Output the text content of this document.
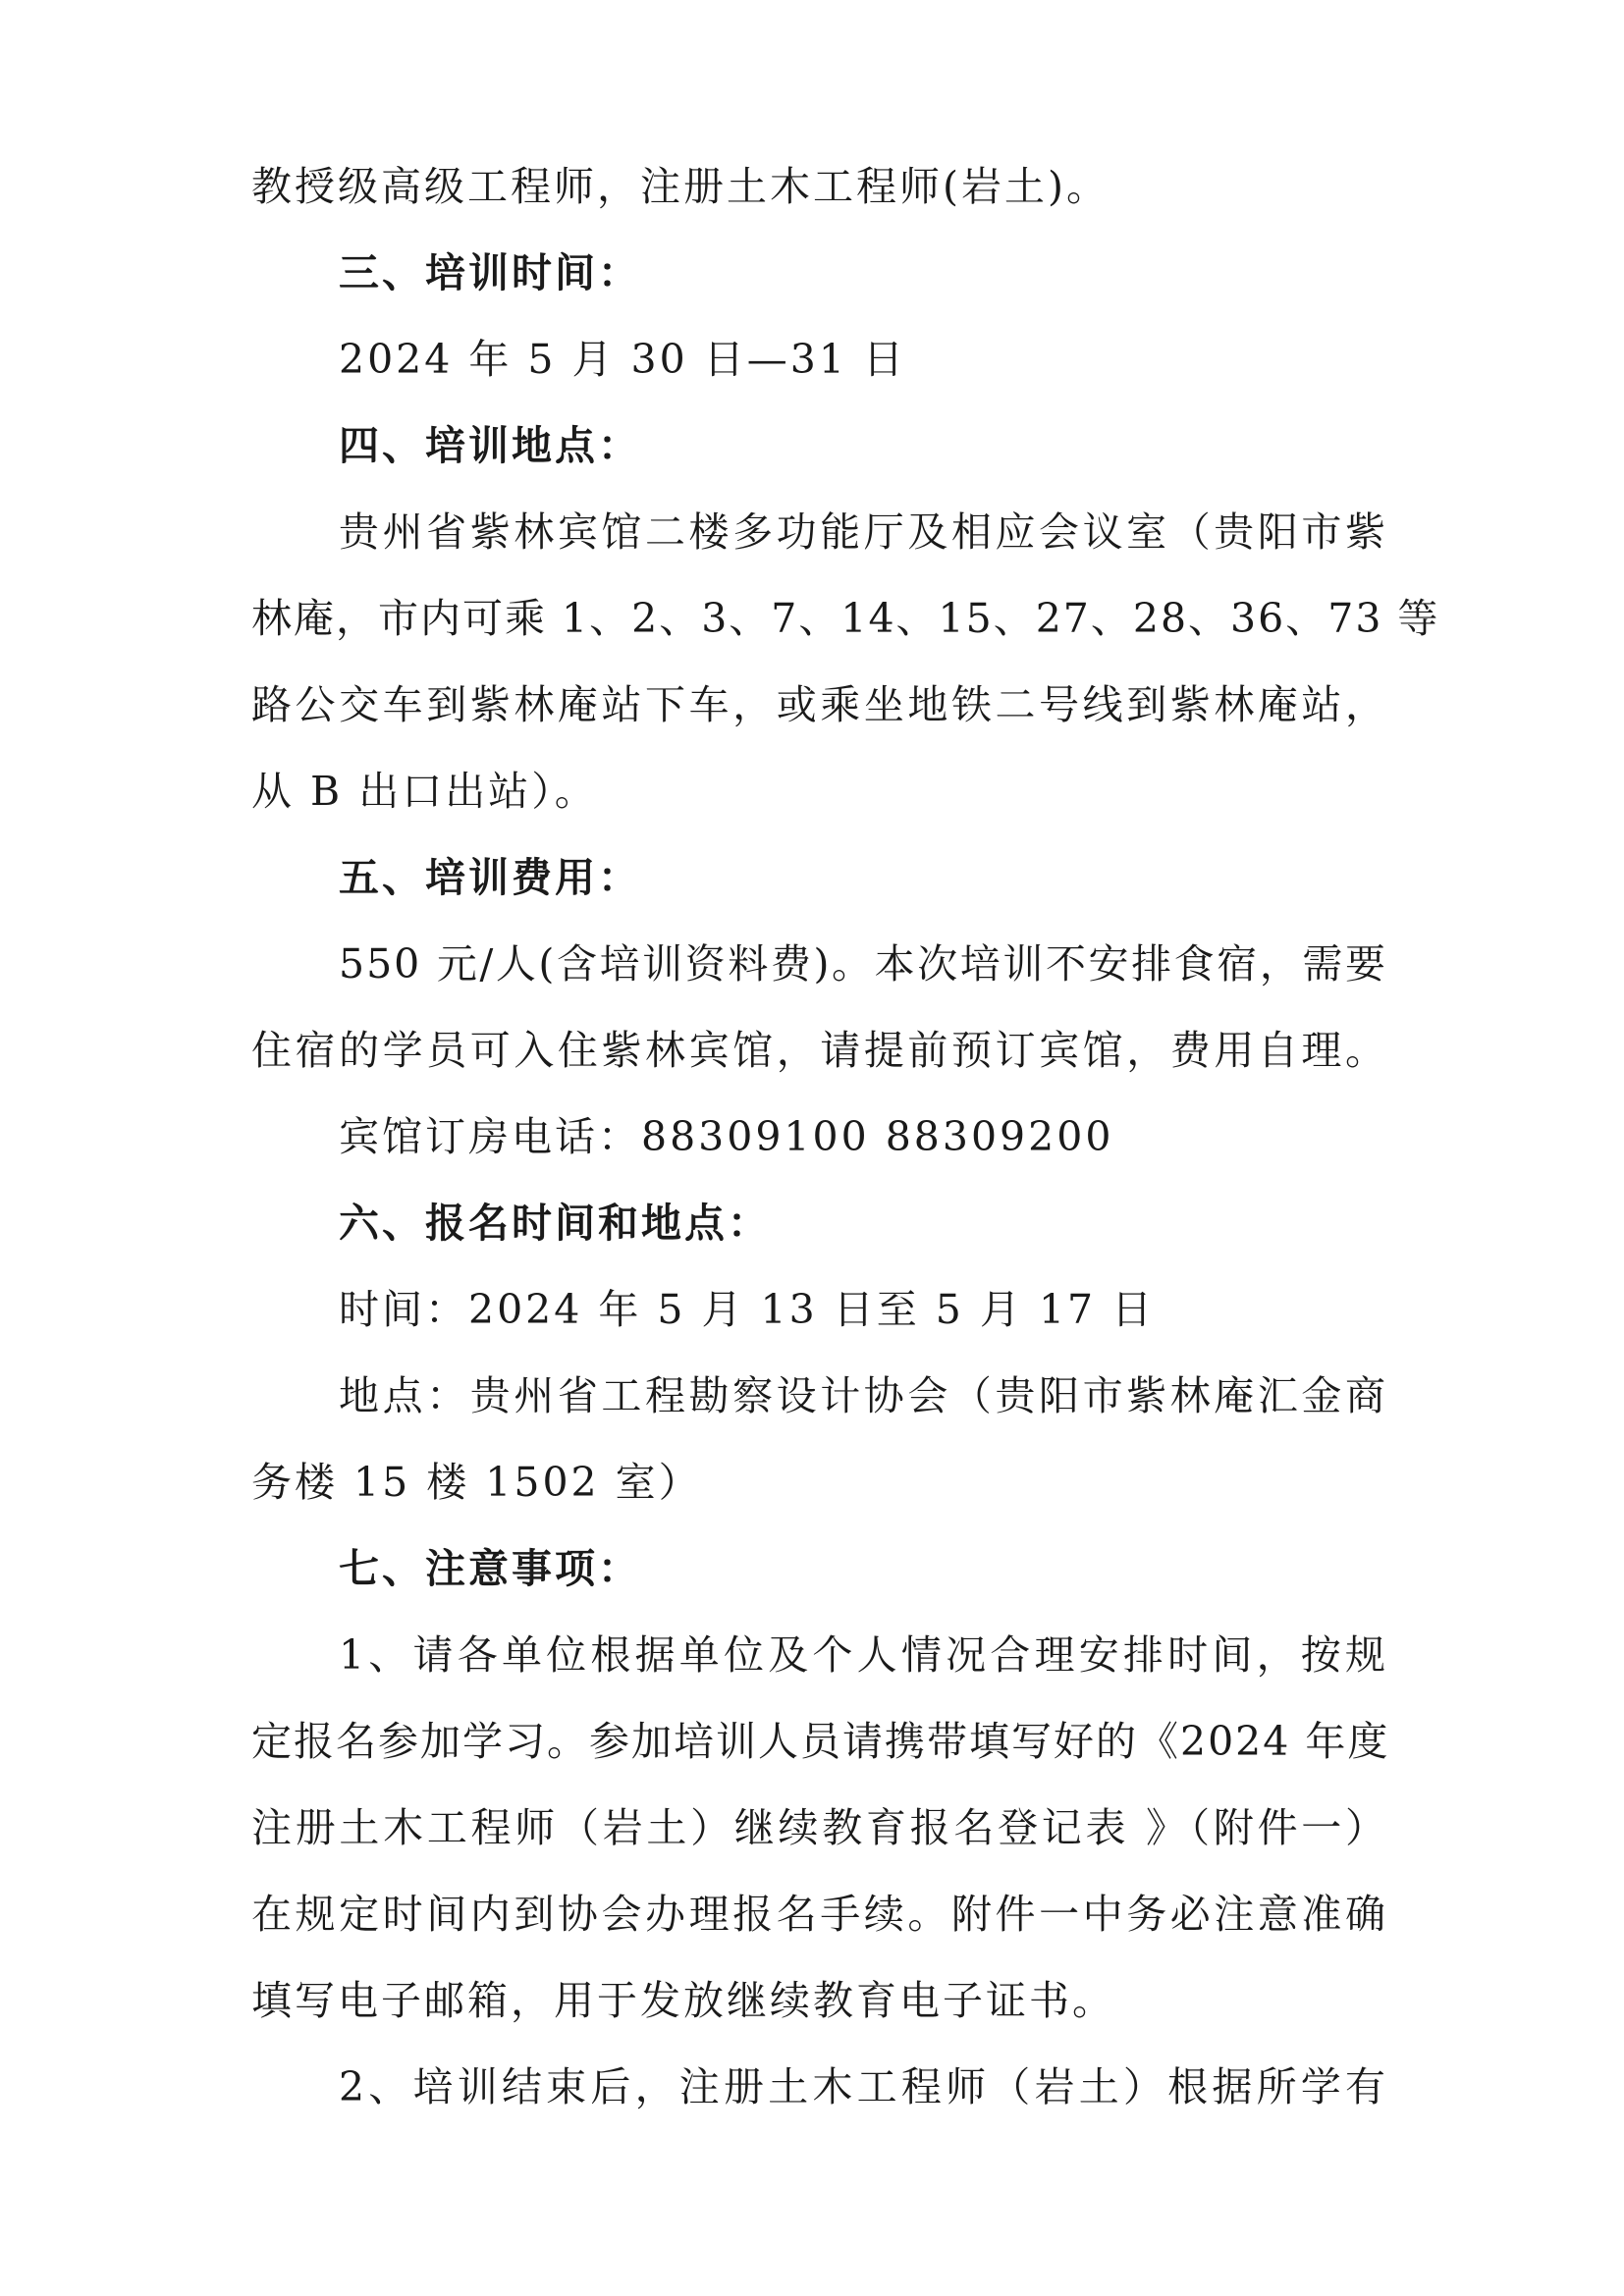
教授级高级工程师，注册土木工程师(岩土)。
三、培训时间：
2024 年 5 月 30 日—31 日
四、培训地点：
贵州省紫林宾馆二楼多功能厅及相应会议室（贵阳市紫
林庵，市内可乘 1、2、3、7、14、15、27、28、36、73 等
路公交车到紫林庵站下车，或乘坐地铁二号线到紫林庵站，
从 B 出口出站）。
五、培训费用：
550 元/人(含培训资料费)。本次培训不安排食宿，需要
住宿的学员可入住紫林宾馆，请提前预订宾馆，费用自理。
宾馆订房电话：88309100 88309200
六、报名时间和地点：
时间：2024 年 5 月 13 日至 5 月 17 日
地点：贵州省工程勘察设计协会（贵阳市紫林庵汇金商
务楼 15 楼 1502 室）
七、注意事项：
1、请各单位根据单位及个人情况合理安排时间，按规
定报名参加学习。参加培训人员请携带填写好的《2024 年度
注册土木工程师（岩土）继续教育报名登记表 》（附件一）
在规定时间内到协会办理报名手续。附件一中务必注意准确
填写电子邮箱，用于发放继续教育电子证书。
2、培训结束后，注册土木工程师（岩土）根据所学有
